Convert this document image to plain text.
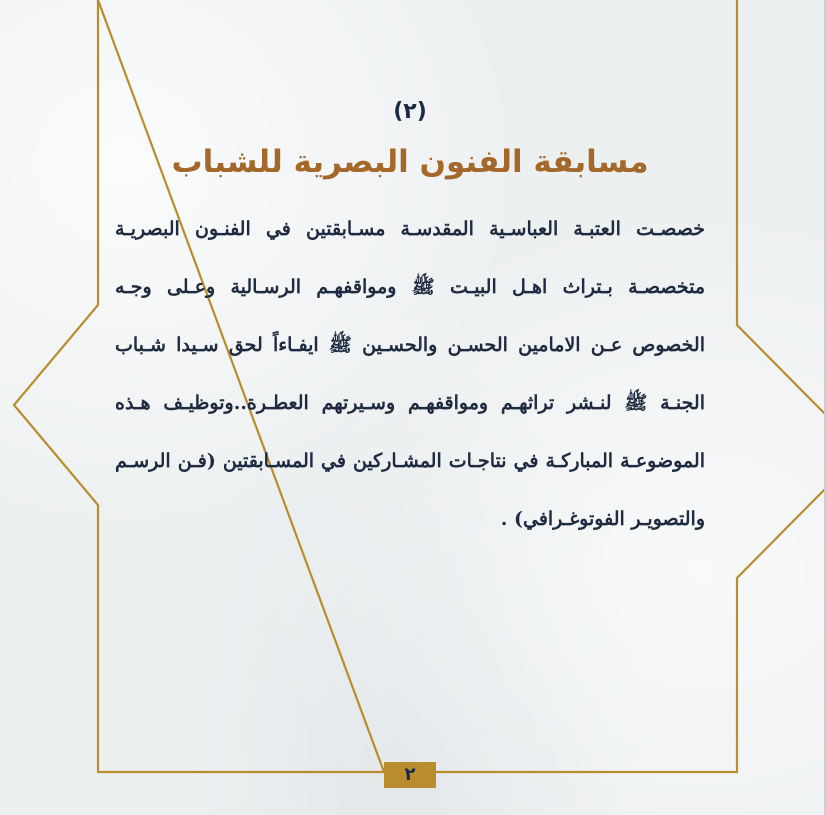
(٢)

مسابقة الفنون البصرية للشباب
خصصـت العتبـة العباسـية المقدسـة مسـابقتين في الفنـون البصريـة
متخصصـة بـتراث اهـل البيـت ﷺ ومواقفهـم الرسـالية وعـلى وجـه
الخصوص عـن الامامين الحسـن والحسـين ﷺ ايفـاءاً لحق سـيدا شـباب
الجنـة ﷺ لنـشر تراثهـم ومواقفهـم وسـيرتهم العطـرة..وتوظيـف هـذه
الموضوعـة المباركـة في نتاجـات المشـاركين في المسـابقتين (فـن الرسـم
والتصويـر الفوتوغـرافي) .
٢
